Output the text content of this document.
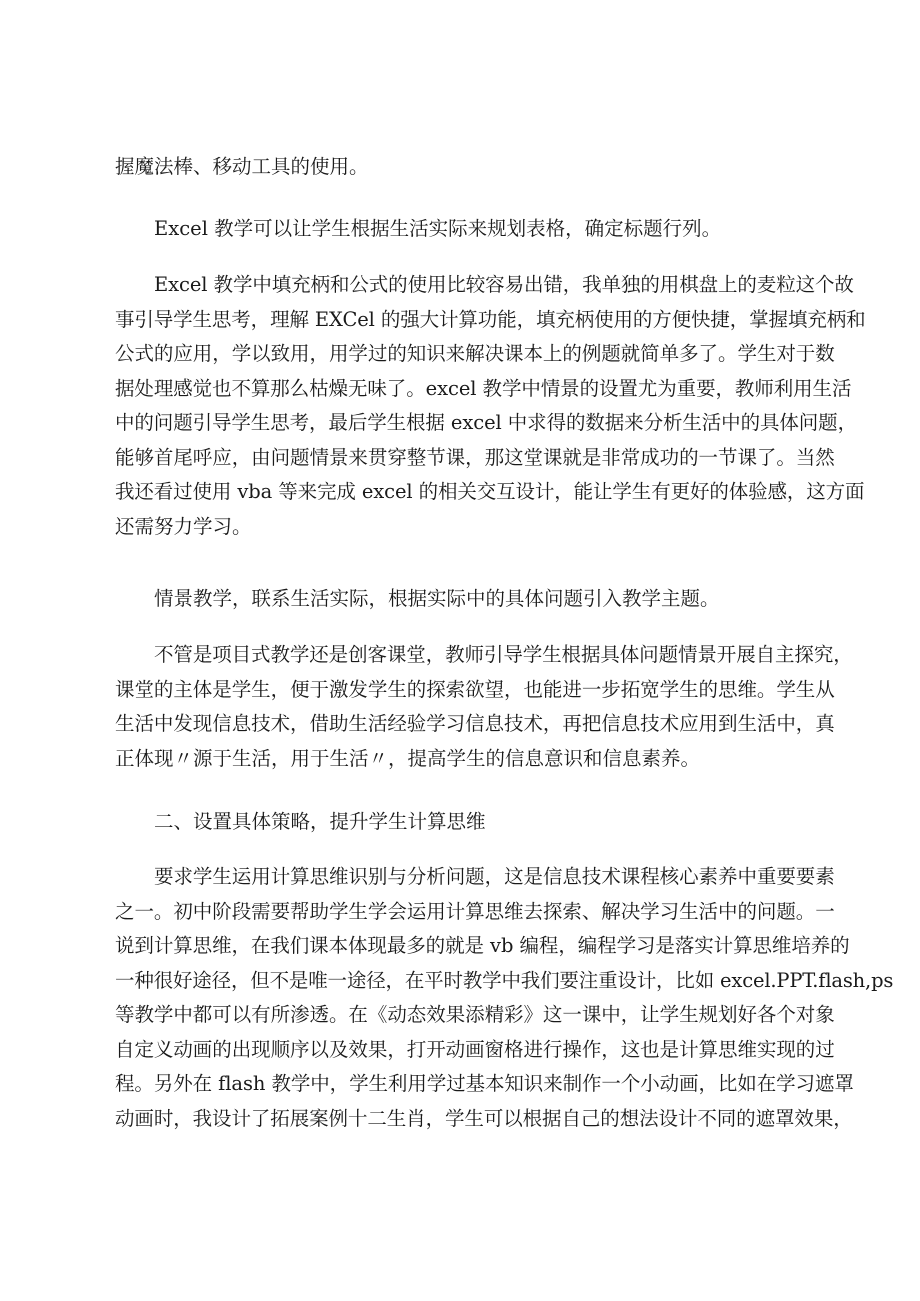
握魔法棒、移动工具的使用。

Excel 教学可以让学生根据生活实际来规划表格，确定标题行列。

Excel 教学中填充柄和公式的使用比较容易出错，我单独的用棋盘上的麦粒这个故
事引导学生思考，理解 EXCel 的强大计算功能，填充柄使用的方便快捷，掌握填充柄和
公式的应用，学以致用，用学过的知识来解决课本上的例题就简单多了。学生对于数
据处理感觉也不算那么枯燥无味了。excel 教学中情景的设置尤为重要，教师利用生活
中的问题引导学生思考，最后学生根据 excel 中求得的数据来分析生活中的具体问题，
能够首尾呼应，由问题情景来贯穿整节课，那这堂课就是非常成功的一节课了。当然
我还看过使用 vba 等来完成 excel 的相关交互设计，能让学生有更好的体验感，这方面
还需努力学习。

情景教学，联系生活实际，根据实际中的具体问题引入教学主题。

不管是项目式教学还是创客课堂，教师引导学生根据具体问题情景开展自主探究，
课堂的主体是学生，便于激发学生的探索欲望，也能进一步拓宽学生的思维。学生从
生活中发现信息技术，借助生活经验学习信息技术，再把信息技术应用到生活中，真
正体现〃源于生活，用于生活〃，提高学生的信息意识和信息素养。

二、设置具体策略，提升学生计算思维

要求学生运用计算思维识别与分析问题，这是信息技术课程核心素养中重要要素
之一。初中阶段需要帮助学生学会运用计算思维去探索、解决学习生活中的问题。一
说到计算思维，在我们课本体现最多的就是 vb 编程，编程学习是落实计算思维培养的
一种很好途径，但不是唯一途径，在平时教学中我们要注重设计，比如 excel.PPT.flash,ps
等教学中都可以有所渗透。在《动态效果添精彩》这一课中，让学生规划好各个对象
自定义动画的出现顺序以及效果，打开动画窗格进行操作，这也是计算思维实现的过
程。另外在 flash 教学中，学生利用学过基本知识来制作一个小动画，比如在学习遮罩
动画时，我设计了拓展案例十二生肖，学生可以根据自己的想法设计不同的遮罩效果，
